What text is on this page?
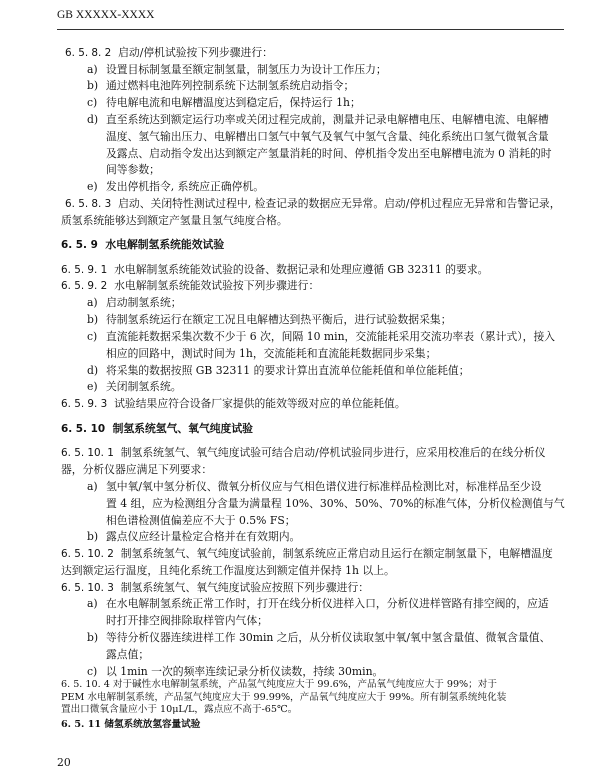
GB XXXXX-XXXX
6. 5. 8. 2 启动/停机试验按下列步骤进行：
a) 设置目标制氢量至额定制氢量，制氢压力为设计工作压力；
b) 通过燃料电池阵列控制系统下达制氢系统启动指令；
c) 待电解电流和电解槽温度达到稳定后，保持运行 1h；
d) 直至系统达到额定运行功率或关闭过程完成前，测量并记录电解槽电压、电解槽电流、电解槽
温度、氢气输出压力、电解槽出口氢气中氧气及氧气中氢气含量、纯化系统出口氢气微氧含量
及露点、启动指令发出达到额定产氢量消耗的时间、停机指令发出至电解槽电流为 0 消耗的时
间等参数；
e) 发出停机指令, 系统应正确停机。
6. 5. 8. 3 启动、关闭特性测试过程中, 检查记录的数据应无异常。启动/停机过程应无异常和告警记录，
质氢系统能够达到额定产氢量且氢气纯度合格。
6. 5. 9 水电解制氢系统能效试验
6. 5. 9. 1 水电解制氢系统能效试验的设备、数据记录和处理应遵循 GB 32311 的要求。
6. 5. 9. 2 水电解制氢系统能效试验按下列步骤进行：
a) 启动制氢系统；
b) 待制氢系统运行在额定工况且电解槽达到热平衡后，进行试验数据采集；
c) 直流能耗数据采集次数不少于 6 次，间隔 10 min，交流能耗采用交流功率表（累计式），接入
相应的回路中，测试时间为 1h，交流能耗和直流能耗数据同步采集；
d) 将采集的数据按照 GB 32311 的要求计算出直流单位能耗值和单位能耗值；
e) 关闭制氢系统。
6. 5. 9. 3 试验结果应符合设备厂家提供的能效等级对应的单位能耗值。
6. 5. 10 制氢系统氢气、氧气纯度试验
6. 5. 10. 1 制氢系统氢气、氧气纯度试验可结合启动/停机试验同步进行，应采用校准后的在线分析仪
器，分析仪器应满足下列要求：
a) 氢中氧/氧中氢分析仪、微氧分析仪应与气相色谱仪进行标准样品检测比对，标准样品至少设
置 4 组，应为检测组分含量为满量程 10%、30%、50%、70%的标准气体，分析仪检测值与气
相色谱检测值偏差应不大于 0.5% FS；
b) 露点仪应经计量检定合格并在有效期内。
6. 5. 10. 2 制氢系统氢气、氧气纯度试验前，制氢系统应正常启动且运行在额定制氢量下，电解槽温度
达到额定运行温度，且纯化系统工作温度达到额定值并保持 1h 以上。
6. 5. 10. 3 制氢系统氢气、氧气纯度试验应按照下列步骤进行：
a) 在水电解制氢系统正常工作时，打开在线分析仪进样入口，分析仪进样管路有排空阀的，应适
时打开排空阀排除取样管内气体；
b) 等待分析仪器连续进样工作 30min 之后，从分析仪读取氢中氧/氧中氢含量值、微氧含量值、
露点值；
20
c) 以 1min 一次的频率连续记录分析仪读数，持续 30min。
6. 5. 10. 4 对于碱性水电解制氢系统，产品氢气纯度应大于 99.6%，产品氧气纯度应大于 99%；对于
PEM 水电解制氢系统，产品氢气纯度应大于 99.99%，产品氧气纯度应大于 99%。所有制氢系统纯化装
置出口微氧含量应小于 10μL/L，露点应不高于-65℃。
6. 5. 11 储氢系统放氢容量试验
